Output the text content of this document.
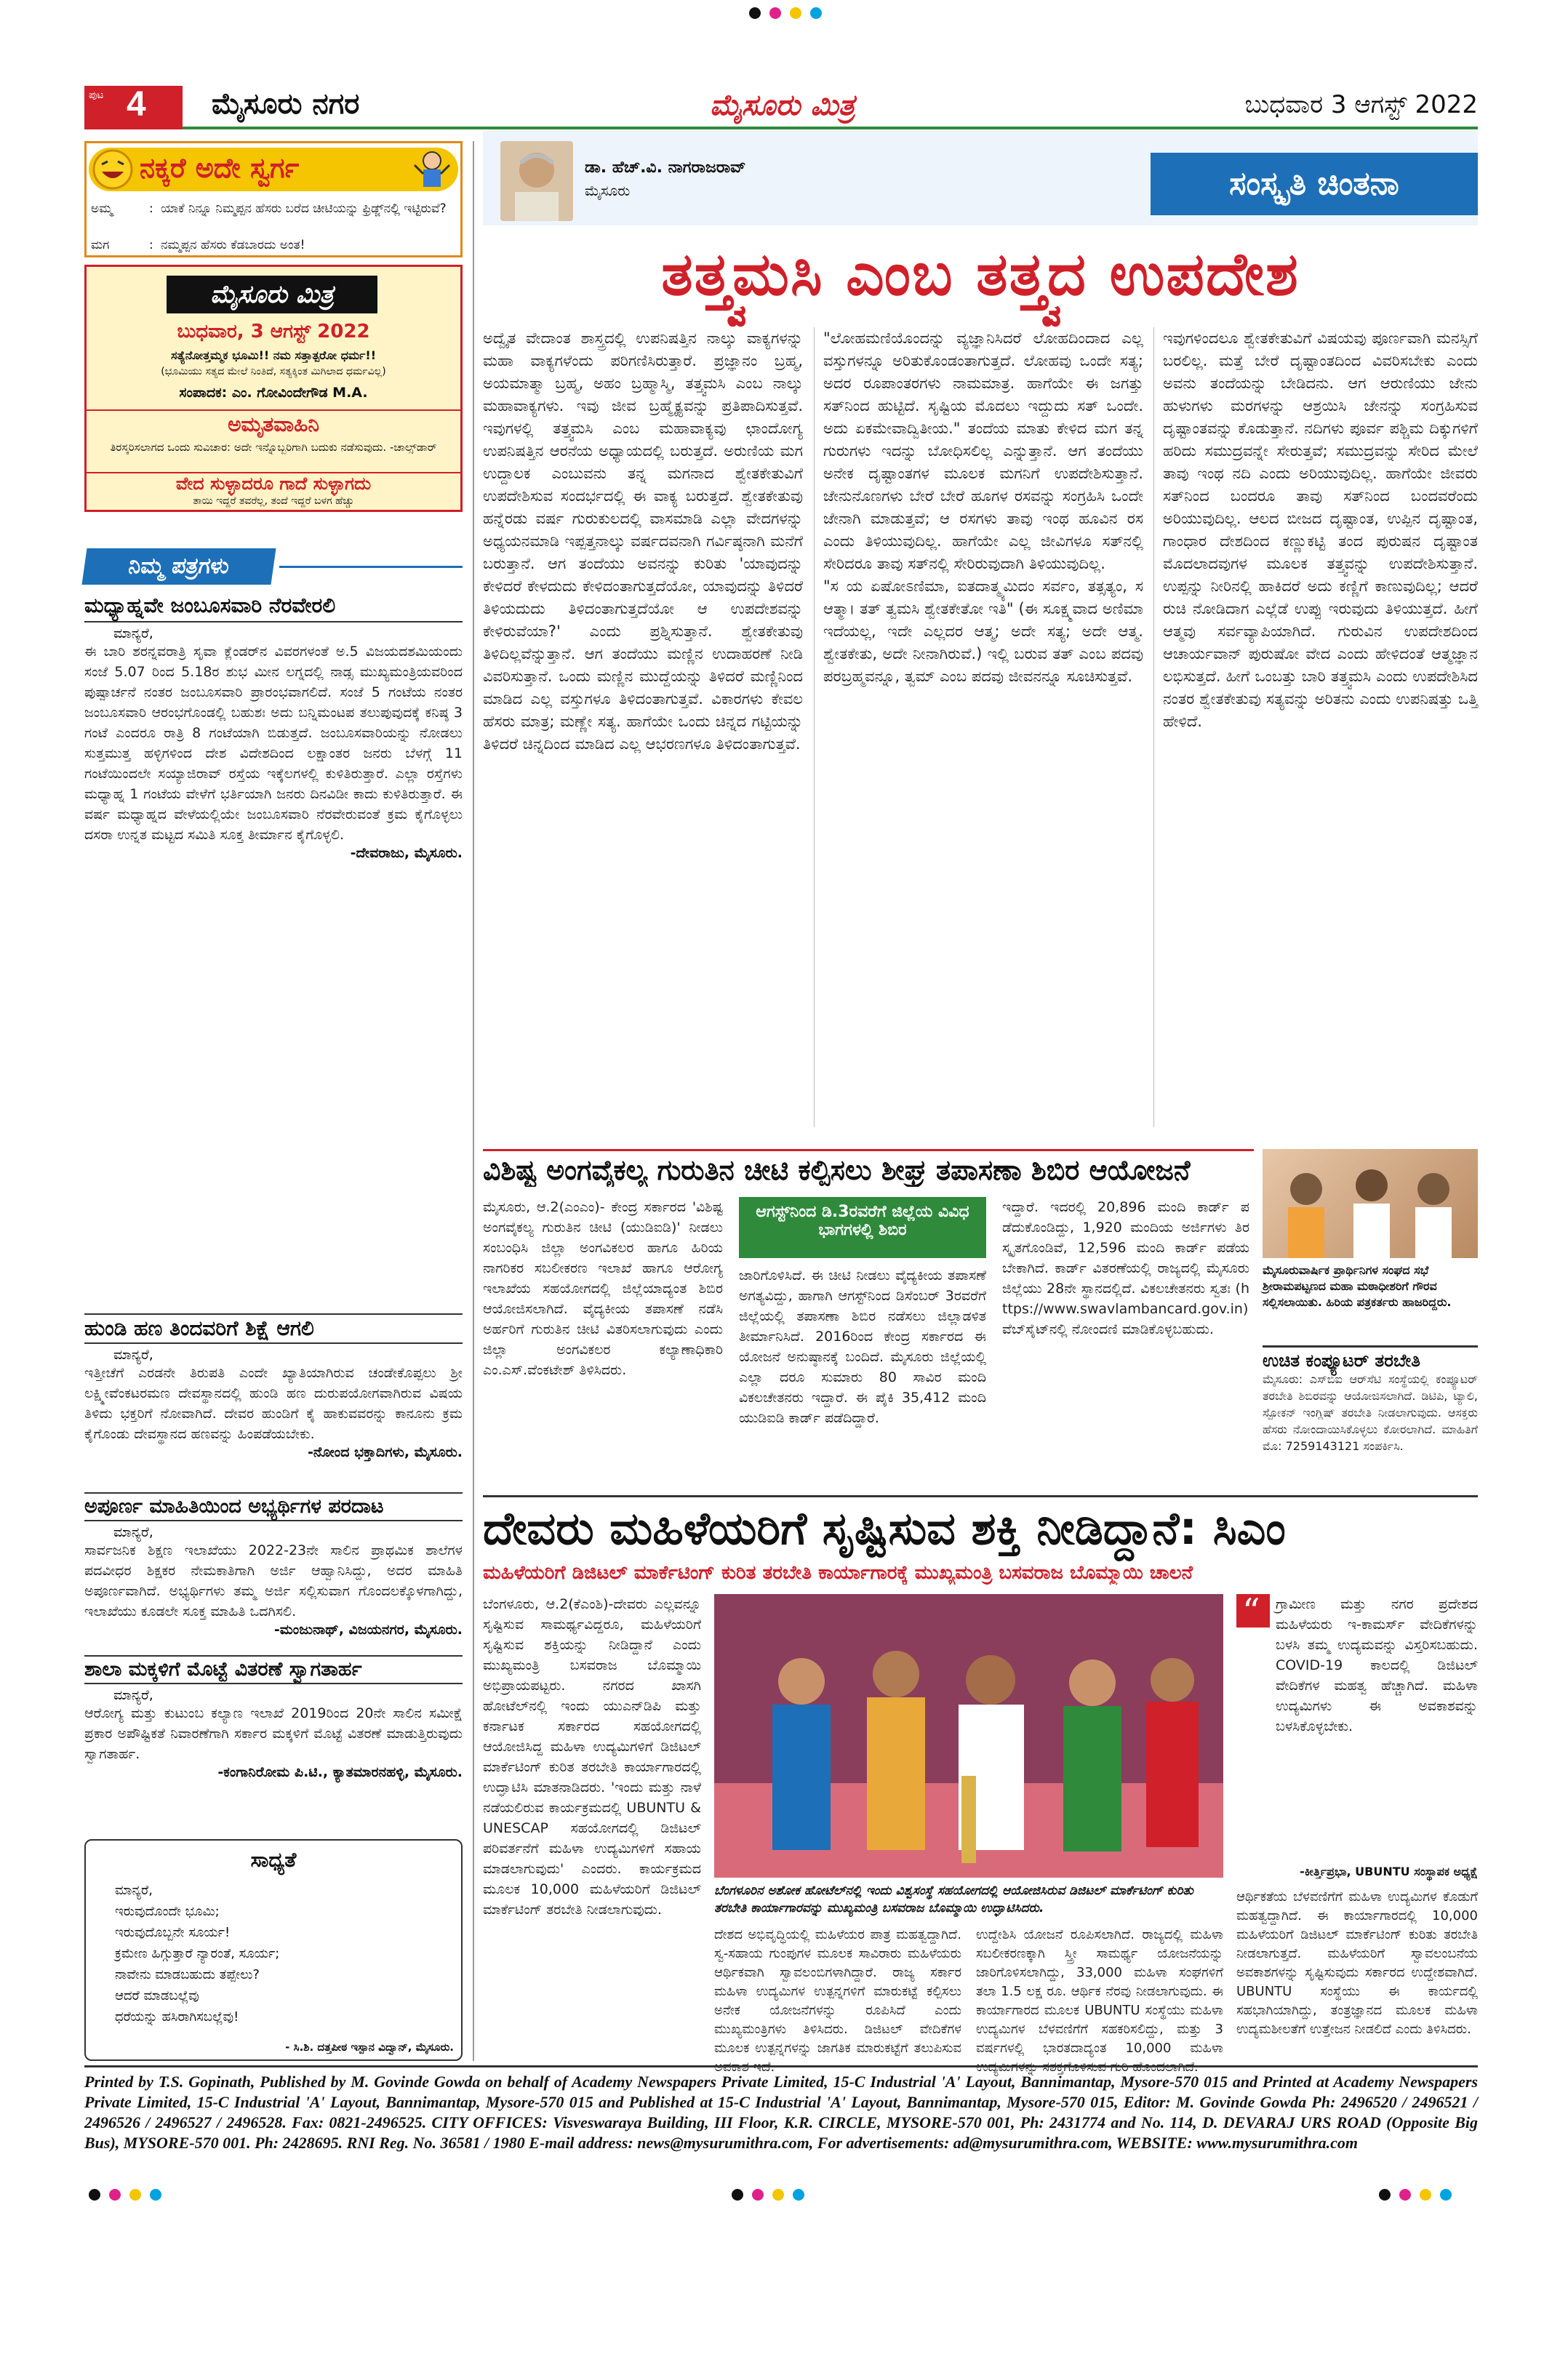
ಪುಟ 4 ಮೈಸೂರು ನಗರ	ಮೈಸೂರು ಮಿತ್ರ	ಬುಧವಾರ 3 ಆಗಸ್ಟ್ 2022
ನಕ್ಕರೆ ಅದೇ ಸ್ವರ್ಗ
ಅಮ್ಮ	: ಯಾಕೆ ನಿನ್ನೂ ನಿಮ್ಮಪ್ಪನ ಹೆಸರು ಬರೆದ ಚೀಟಿಯನ್ನು ಫ್ರಿಡ್ಜ್‌ನಲ್ಲಿ ಇಟ್ಟಿರುವೆ?
ಮಗ	: ನಮ್ಮಪ್ಪನ ಹೆಸರು ಕೆಡಬಾರದು ಅಂತ!
ಮೈಸೂರು ಮಿತ್ರ
ಬುಧವಾರ, 3 ಆಗಸ್ಟ್ 2022
ಸತ್ಯೆನೋತ್ತಮ್ಮಕ ಭೂಮಿ!! ನಮ ಸತ್ತಾತ್ಪರೋ ಧರ್ಮ!!
(ಭೂಮಿಯು ಸತ್ಯದ ಮೇಲೆ ನಿಂತಿದೆ, ಸತ್ಯಕ್ಕಿಂತ ಮಿಗಿಲಾದ ಧರ್ಮವಿಲ್ಲ)
ಸಂಪಾದಕ: ಎಂ. ಗೋವಿಂದೇಗೌಡ M.A.
ಅಮೃತವಾಹಿನಿ
ತಿರಸ್ಕರಿಸಲಾಗದ ಒಂದು ಸುವಿಚಾರ: ಅದೇ ಇನ್ನೊಬ್ಬರಿಗಾಗಿ ಬದುಕು ನಡೆಸುವುದು. -ಚಾಲ್ಸ್‌ಡಾರ್
ವೇದ ಸುಳ್ಳಾದರೂ ಗಾದೆ ಸುಳ್ಳಾಗದು
ತಾಯಿ ಇದ್ದರೆ ತವರೆಲ್ಲ, ತಂದೆ ಇದ್ದರೆ ಬಳಗ ಹೆಚ್ಚು
ನಿಮ್ಮ ಪತ್ರಗಳು
ಮಧ್ಯಾಹ್ನವೇ ಜಂಬೂಸವಾರಿ ನೆರವೇರಲಿ
ಮಾನ್ಯರೆ,

ಈ ಬಾರಿ ಶರನ್ನವರಾತ್ರಿ ಸೃವಾ ಕ್ಲೆಂಡರ್‌ನ ವಿವರಗಳಂತೆ ಅ.5 ವಿಜಯದಶಮಿಯಂದು ಸಂಜೆ 5.07 ರಿಂದ 5.18ರ ಶುಭ ಮೀನ ಲಗ್ನದಲ್ಲಿ ನಾಡ್ಸ ಮುಖ್ಯಮಂತ್ರಿಯವರಿಂದ ಪುಷ್ಪಾರ್ಚನೆ ನಂತರ ಜಂಬೂಸವಾರಿ ಪ್ರಾರಂಭವಾಗಲಿದೆ. ಸಂಜೆ 5 ಗಂಟೆಯ ನಂತರ ಜಂಬೂಸವಾರಿ ಆರಂಭಗೊಂಡಲ್ಲಿ ಬಹುಶಃ ಅದು ಬನ್ನಿಮಂಟಪ ತಲುಪುವುದಕ್ಕೆ ಕನಿಷ್ಠ 3 ಗಂಟೆ ಎಂದರೂ ರಾತ್ರಿ 8 ಗಂಟೆಯಾಗಿ ಬಿಡುತ್ತದೆ. ಜಂಬೂಸವಾರಿಯನ್ನು ನೋಡಲು ಸುತ್ತಮುತ್ತ ಹಳ್ಳಿಗಳಿಂದ ದೇಶ ವಿದೇಶದಿಂದ ಲಕ್ಷಾಂತರ ಜನರು ಬೆಳಗ್ಗೆ 11 ಗಂಟೆಯಿಂದಲೇ ಸಯ್ಯಾಜಿರಾವ್ ರಸ್ತೆಯ ಇಕ್ಕೆಲಗಳಲ್ಲಿ ಕುಳಿತಿರುತ್ತಾರೆ. ಎಲ್ಲಾ ರಸ್ತೆಗಳು ಮಧ್ಯಾಹ್ನ 1 ಗಂಟೆಯ ವೇಳೆಗೆ ಭರ್ತಿಯಾಗಿ ಜನರು ದಿನವಿಡೀ ಕಾದು ಕುಳಿತಿರುತ್ತಾರೆ. ಈ ವರ್ಷ ಮಧ್ಯಾಹ್ನದ ವೇಳೆಯಲ್ಲಿಯೇ ಜಂಬೂಸವಾರಿ ನೆರವೇರುವಂತೆ ಕ್ರಮ ಕೈಗೊಳ್ಳಲು ದಸರಾ ಉನ್ನತ ಮಟ್ಟದ ಸಮಿತಿ ಸೂಕ್ತ ತೀರ್ಮಾನ ಕೈಗೊಳ್ಳಲಿ.

-ದೇವರಾಜು, ಮೈಸೂರು.
ಹುಂಡಿ ಹಣ ತಿಂದವರಿಗೆ ಶಿಕ್ಷೆ ಆಗಲಿ
ಮಾನ್ಯರೆ,

ಇತ್ತೀಚೆಗೆ ಎರಡನೇ ತಿರುಪತಿ ಎಂದೇ ಖ್ಯಾತಿಯಾಗಿರುವ ಚಂಡೇಕೊಪ್ಪಲು ಶ್ರೀ ಲಕ್ಷ್ಮೀವೆಂಕಟರಮಣ ದೇವಸ್ಥಾನದಲ್ಲಿ ಹುಂಡಿ ಹಣ ದುರುಪಯೋಗವಾಗಿರುವ ವಿಷಯ ತಿಳಿದು ಭಕ್ತರಿಗೆ ನೋವಾಗಿದೆ. ದೇವರ ಹುಂಡಿಗೆ ಕೈ ಹಾಕುವವರನ್ನು ಕಾನೂನು ಕ್ರಮ ಕೈಗೊಂಡು ದೇವಸ್ಥಾನದ ಹಣವನ್ನು ಹಿಂಪಡೆಯಬೇಕು.

-ನೋಂದ ಭಕ್ತಾದಿಗಳು, ಮೈಸೂರು.
ಅಪೂರ್ಣ ಮಾಹಿತಿಯಿಂದ ಅಭ್ಯರ್ಥಿಗಳ ಪರದಾಟ
ಮಾನ್ಯರೆ,

ಸಾರ್ವಜನಿಕ ಶಿಕ್ಷಣ ಇಲಾಖೆಯು 2022-23ನೇ ಸಾಲಿನ ಪ್ರಾಥಮಿಕ ಶಾಲೆಗಳ ಪದವೀಧರ ಶಿಕ್ಷಕರ ನೇಮಕಾತಿಗಾಗಿ ಅರ್ಜಿ ಆಹ್ವಾನಿಸಿದ್ದು, ಅದರ ಮಾಹಿತಿ ಅಪೂರ್ಣವಾಗಿದೆ. ಅಭ್ಯರ್ಥಿಗಳು ತಮ್ಮ ಅರ್ಜಿ ಸಲ್ಲಿಸುವಾಗ ಗೊಂದಲಕ್ಕೊಳಗಾಗಿದ್ದು, ಇಲಾಖೆಯು ಕೂಡಲೇ ಸೂಕ್ತ ಮಾಹಿತಿ ಒದಗಿಸಲಿ.

-ಮಂಜುನಾಥ್, ವಿಜಯನಗರ, ಮೈಸೂರು.
ಶಾಲಾ ಮಕ್ಕಳಿಗೆ ಮೊಟ್ಟೆ ವಿತರಣೆ ಸ್ವಾಗತಾರ್ಹ
ಮಾನ್ಯರೆ,

ಆರೋಗ್ಯ ಮತ್ತು ಕುಟುಂಬ ಕಲ್ಯಾಣ ಇಲಾಖೆ 2019ರಿಂದ 20ನೇ ಸಾಲಿನ ಸಮೀಕ್ಷೆ ಪ್ರಕಾರ ಅಪೌಷ್ಟಿಕತೆ ನಿವಾರಣೆಗಾಗಿ ಸರ್ಕಾರ ಮಕ್ಕಳಿಗೆ ಮೊಟ್ಟೆ ವಿತರಣೆ ಮಾಡುತ್ತಿರುವುದು ಸ್ವಾಗತಾರ್ಹ.

-ಕಂಗಾನಿರೋಮ ಪಿ.ಟಿ., ಕ್ಯಾತಮಾರನಹಳ್ಳಿ, ಮೈಸೂರು.
ಸಾಧ್ಯತೆ
ಮಾನ್ಯರೆ,
ಇರುವುದೊಂದೇ ಭೂಮಿ;
ಇರುವುದೊಬ್ಬನೇ ಸೂರ್ಯ!
ಕ್ರಮೇಣ ಹಿಗ್ಗುತ್ತಾರೆ ನ್ಯಾರಂತೆ, ಸೂರ್ಯ;
ನಾವೇನು ಮಾಡಬಹುದು ತಪ್ಪೇಲು?
ಆದರೆ ಮಾಡಬಲ್ಲೆವು
ಧರೆಯನ್ನು ಹಸಿರಾಗಿಸಬಲ್ಲೆವು!
- ಸಿ.ಶಿ. ದತ್ತಪೀಠ ಇಸ್ಪಾನ ವಿದ್ವಾನ್, ಮೈಸೂರು.
ಡಾ. ಹೆಚ್.ವಿ. ನಾಗರಾಜರಾವ್
ಮೈಸೂರು	ಸಂಸ್ಕೃತಿ ಚಿಂತನಾ
ತತ್ತ್ವಮಸಿ ಎಂಬ ತತ್ತ್ವದ ಉಪದೇಶ

ಅದ್ವೈತ ವೇದಾಂತ ಶಾಸ್ತ್ರದಲ್ಲಿ ಉಪನಿಷತ್ತಿನ ನಾಲ್ಕು ವಾಕ್ಯಗಳನ್ನು ಮಹಾ ವಾಕ್ಯಗಳೆಂದು ಪರಿಗಣಿಸಿರುತ್ತಾರೆ. ಪ್ರಜ್ಞಾನಂ ಬ್ರಹ್ಮ, ಅಯಮಾತ್ಮಾ ಬ್ರಹ್ಮ, ಅಹಂ ಬ್ರಹ್ಮಾಸ್ಮಿ, ತತ್ತ್ವಮಸಿ ಎಂಬ ನಾಲ್ಕು ಮಹಾವಾಕ್ಯಗಳು. ಇವು ಜೀವ ಬ್ರಹ್ಮೈಕ್ಯವನ್ನು ಪ್ರತಿಪಾದಿಸುತ್ತವೆ. ಇವುಗಳಲ್ಲಿ ತತ್ತ್ವಮಸಿ ಎಂಬ ಮಹಾವಾಕ್ಯವು ಛಾಂದೋಗ್ಯ ಉಪನಿಷತ್ತಿನ ಆರನೆಯ ಅಧ್ಯಾಯದಲ್ಲಿ ಬರುತ್ತದೆ. ಅರುಣಿಯ ಮಗ ಉದ್ದಾಲಕ ಎಂಬುವನು ತನ್ನ ಮಗನಾದ ಶ್ವೇತಕೇತುವಿಗೆ ಉಪದೇಶಿಸುವ ಸಂದರ್ಭದಲ್ಲಿ ಈ ವಾಕ್ಯ ಬರುತ್ತದೆ. ಶ್ವೇತಕೇತುವು ಹನ್ನೆರಡು ವರ್ಷ ಗುರುಕುಲದಲ್ಲಿ ವಾಸಮಾಡಿ ಎಲ್ಲಾ ವೇದಗಳನ್ನು ಅಧ್ಯಯನಮಾಡಿ ಇಪ್ಪತ್ತನಾಲ್ಕು ವರ್ಷದವನಾಗಿ ಗರ್ವಿಷ್ಠನಾಗಿ ಮನೆಗೆ ಬರುತ್ತಾನೆ. ಆಗ ತಂದೆಯು ಅವನನ್ನು ಕುರಿತು 'ಯಾವುದನ್ನು ಕೇಳಿದರೆ ಕೇಳದುದು ಕೇಳಿದಂತಾಗುತ್ತದೆಯೋ, ಯಾವುದನ್ನು ತಿಳಿದರೆ ತಿಳಿಯದುದು ತಿಳಿದಂತಾಗುತ್ತದೆಯೋ ಆ ಉಪದೇಶವನ್ನು ಕೇಳಿರುವೆಯಾ?' ಎಂದು ಪ್ರಶ್ನಿಸುತ್ತಾನೆ. ಶ್ವೇತಕೇತುವು ತಿಳಿದಿಲ್ಲವೆನ್ನುತ್ತಾನೆ. ಆಗ ತಂದೆಯು ಮಣ್ಣಿನ ಉದಾಹರಣೆ ನೀಡಿ ವಿವರಿಸುತ್ತಾನೆ. ಒಂದು ಮಣ್ಣಿನ ಮುದ್ದೆಯನ್ನು ತಿಳಿದರೆ ಮಣ್ಣಿನಿಂದ ಮಾಡಿದ ಎಲ್ಲ ವಸ್ತುಗಳೂ ತಿಳಿದಂತಾಗುತ್ತವೆ. ವಿಕಾರಗಳು ಕೇವಲ ಹೆಸರು ಮಾತ್ರ; ಮಣ್ಣೇ ಸತ್ಯ. ಹಾಗೆಯೇ ಒಂದು ಚಿನ್ನದ ಗಟ್ಟಿಯನ್ನು ತಿಳಿದರೆ ಚಿನ್ನದಿಂದ ಮಾಡಿದ ಎಲ್ಲ ಆಭರಣಗಳೂ ತಿಳಿದಂತಾಗುತ್ತವೆ.

"ಲೋಹಮಣಿಯೊಂದನ್ನು ವ್ಯಜ್ಞಾನಿಸಿದರೆ ಲೋಹದಿಂದಾದ ಎಲ್ಲ ವಸ್ತುಗಳನ್ನೂ ಅರಿತುಕೊಂಡಂತಾಗುತ್ತದೆ. ಲೋಹವು ಒಂದೇ ಸತ್ಯ; ಅದರ ರೂಪಾಂತರಗಳು ನಾಮಮಾತ್ರ. ಹಾಗೆಯೇ ಈ ಜಗತ್ತು ಸತ್‌ನಿಂದ ಹುಟ್ಟಿದೆ. ಸೃಷ್ಟಿಯ ಮೊದಲು ಇದ್ದುದು ಸತ್ ಒಂದೇ. ಅದು ಏಕಮೇವಾದ್ವಿತೀಯ." ತಂದೆಯ ಮಾತು ಕೇಳಿದ ಮಗ ತನ್ನ ಗುರುಗಳು ಇದನ್ನು ಬೋಧಿಸಲಿಲ್ಲ ಎನ್ನುತ್ತಾನೆ. ಆಗ ತಂದೆಯು ಅನೇಕ ದೃಷ್ಟಾಂತಗಳ ಮೂಲಕ ಮಗನಿಗೆ ಉಪದೇಶಿಸುತ್ತಾನೆ. ಜೇನುನೊಣಗಳು ಬೇರೆ ಬೇರೆ ಹೂಗಳ ರಸವನ್ನು ಸಂಗ್ರಹಿಸಿ ಒಂದೇ ಜೇನಾಗಿ ಮಾಡುತ್ತವೆ; ಆ ರಸಗಳು ತಾವು ಇಂಥ ಹೂವಿನ ರಸ ಎಂದು ತಿಳಿಯುವುದಿಲ್ಲ. ಹಾಗೆಯೇ ಎಲ್ಲ ಜೀವಿಗಳೂ ಸತ್‌ನಲ್ಲಿ ಸೇರಿದರೂ ತಾವು ಸತ್‌ನಲ್ಲಿ ಸೇರಿರುವುದಾಗಿ ತಿಳಿಯುವುದಿಲ್ಲ.
"ಸ ಯ ಏಷೋಽಣಿಮಾ, ಐತದಾತ್ಮ್ಯಮಿದಂ ಸರ್ವಂ, ತತ್ಸತ್ಯಂ, ಸ ಆತ್ಮಾ। ತತ್ ತ್ವಮಸಿ ಶ್ವೇತಕೇತೋ ಇತಿ" (ಈ ಸೂಕ್ಷ್ಮವಾದ ಅಣಿಮಾ ಇದೆಯಲ್ಲ, ಇದೇ ಎಲ್ಲದರ ಆತ್ಮ; ಅದೇ ಸತ್ಯ; ಅದೇ ಆತ್ಮ. ಶ್ವೇತಕೇತು, ಅದೇ ನೀನಾಗಿರುವೆ.) ಇಲ್ಲಿ ಬರುವ ತತ್ ಎಂಬ ಪದವು ಪರಬ್ರಹ್ಮವನ್ನೂ, ತ್ವಮ್ ಎಂಬ ಪದವು ಜೀವನನ್ನೂ ಸೂಚಿಸುತ್ತವೆ.

ಇವುಗಳಿಂದಲೂ ಶ್ವೇತಕೇತುವಿಗೆ ವಿಷಯವು ಪೂರ್ಣವಾಗಿ ಮನಸ್ಸಿಗೆ ಬರಲಿಲ್ಲ. ಮತ್ತೆ ಬೇರೆ ದೃಷ್ಟಾಂತದಿಂದ ವಿವರಿಸಬೇಕು ಎಂದು ಅವನು ತಂದೆಯನ್ನು ಬೇಡಿದನು. ಆಗ ಆರುಣಿಯು ಜೇನು ಹುಳುಗಳು ಮರಗಳನ್ನು ಆಶ್ರಯಿಸಿ ಜೇನನ್ನು ಸಂಗ್ರಹಿಸುವ ದೃಷ್ಟಾಂತವನ್ನು ಕೊಡುತ್ತಾನೆ. ನದಿಗಳು ಪೂರ್ವ ಪಶ್ಚಿಮ ದಿಕ್ಕುಗಳಿಗೆ ಹರಿದು ಸಮುದ್ರವನ್ನೇ ಸೇರುತ್ತವೆ; ಸಮುದ್ರವನ್ನು ಸೇರಿದ ಮೇಲೆ ತಾವು ಇಂಥ ನದಿ ಎಂದು ಅರಿಯುವುದಿಲ್ಲ. ಹಾಗೆಯೇ ಜೀವರು ಸತ್‌ನಿಂದ ಬಂದರೂ ತಾವು ಸತ್‌ನಿಂದ ಬಂದವರೆಂದು ಅರಿಯುವುದಿಲ್ಲ. ಆಲದ ಬೀಜದ ದೃಷ್ಟಾಂತ, ಉಪ್ಪಿನ ದೃಷ್ಟಾಂತ, ಗಾಂಧಾರ ದೇಶದಿಂದ ಕಣ್ಣುಕಟ್ಟಿ ತಂದ ಪುರುಷನ ದೃಷ್ಟಾಂತ ಮೊದಲಾದವುಗಳ ಮೂಲಕ ತತ್ತ್ವವನ್ನು ಉಪದೇಶಿಸುತ್ತಾನೆ. ಉಪ್ಪನ್ನು ನೀರಿನಲ್ಲಿ ಹಾಕಿದರೆ ಅದು ಕಣ್ಣಿಗೆ ಕಾಣುವುದಿಲ್ಲ; ಆದರೆ ರುಚಿ ನೋಡಿದಾಗ ಎಲ್ಲೆಡೆ ಉಪ್ಪು ಇರುವುದು ತಿಳಿಯುತ್ತದೆ. ಹೀಗೆ ಆತ್ಮವು ಸರ್ವವ್ಯಾಪಿಯಾಗಿದೆ. ಗುರುವಿನ ಉಪದೇಶದಿಂದ ಆಚಾರ್ಯವಾನ್ ಪುರುಷೋ ವೇದ ಎಂದು ಹೇಳಿದಂತೆ ಆತ್ಮಜ್ಞಾನ ಲಭಿಸುತ್ತದೆ. ಹೀಗೆ ಒಂಬತ್ತು ಬಾರಿ ತತ್ತ್ವಮಸಿ ಎಂದು ಉಪದೇಶಿಸಿದ ನಂತರ ಶ್ವೇತಕೇತುವು ಸತ್ಯವನ್ನು ಅರಿತನು ಎಂದು ಉಪನಿಷತ್ತು ಒತ್ತಿ ಹೇಳಿದೆ.

ವಿಶಿಷ್ಟ ಅಂಗವೈಕಲ್ಯ ಗುರುತಿನ ಚೀಟಿ ಕಲ್ಪಿಸಲು ಶೀಘ್ರ ತಪಾಸಣಾ ಶಿಬಿರ ಆಯೋಜನೆ

ಮೈಸೂರು, ಆ.2(ಎಂಎಂ)- ಕೇಂದ್ರ ಸರ್ಕಾರದ 'ವಿಶಿಷ್ಟ ಅಂಗವೈಕಲ್ಯ ಗುರುತಿನ ಚೀಟಿ (ಯುಡಿಐಡಿ)' ನೀಡಲು ಸಂಬಂಧಿಸಿ ಜಿಲ್ಲಾ ಅಂಗವಿಕಲರ ಹಾಗೂ ಹಿರಿಯ ನಾಗರಿಕರ ಸಬಲೀಕರಣ ಇಲಾಖೆ ಹಾಗೂ ಆರೋಗ್ಯ ಇಲಾಖೆಯ ಸಹಯೋಗದಲ್ಲಿ ಜಿಲ್ಲೆಯಾದ್ಯಂತ ಶಿಬಿರ ಆಯೋಜಿಸಲಾಗಿದೆ. ವೈದ್ಯಕೀಯ ತಪಾಸಣೆ ನಡೆಸಿ ಅರ್ಹರಿಗೆ ಗುರುತಿನ ಚೀಟಿ ವಿತರಿಸಲಾಗುವುದು ಎಂದು ಜಿಲ್ಲಾ ಅಂಗವಿಕಲರ ಕಲ್ಯಾಣಾಧಿಕಾರಿ ಎಂ.ಎಸ್.ವೆಂಕಟೇಶ್ ತಿಳಿಸಿದರು.

ಆಗಸ್ಟ್‌ನಿಂದ ಡಿ.3ರವರೆಗೆ ಜಿಲ್ಲೆಯ ವಿವಿಧ ಭಾಗಗಳಲ್ಲಿ ಶಿಬಿರ

ಜಾರಿಗೊಳಿಸಿದೆ. ಈ ಚೀಟಿ ನೀಡಲು ವೈದ್ಯಕೀಯ ತಪಾಸಣೆ ಅಗತ್ಯವಿದ್ದು, ಹಾಗಾಗಿ ಆಗಸ್ಟ್‌ನಿಂದ ಡಿಸೆಂಬರ್ 3ರವರೆಗೆ ಜಿಲ್ಲೆಯಲ್ಲಿ ತಪಾಸಣಾ ಶಿಬಿರ ನಡೆಸಲು ಜಿಲ್ಲಾಡಳಿತ ತೀರ್ಮಾನಿಸಿದೆ. 2016ರಿಂದ ಕೇಂದ್ರ ಸರ್ಕಾರದ ಈ ಯೋಜನೆ ಅನುಷ್ಠಾನಕ್ಕೆ ಬಂದಿದೆ. ಮೈಸೂರು ಜಿಲ್ಲೆಯಲ್ಲಿ ಎಲ್ಲಾ ದರೂ ಸುಮಾರು 80 ಸಾವಿರ ಮಂದಿ ವಿಕಲಚೇತನರು ಇದ್ದಾರೆ. ಈ ಪೈಕಿ 35,412 ಮಂದಿ ಯುಡಿಐಡಿ ಕಾರ್ಡ್ ಪಡೆದಿದ್ದಾರೆ.

ಇದ್ದಾರೆ. ಇದರಲ್ಲಿ 20,896 ಮಂದಿ ಕಾರ್ಡ್ ಪಡೆದುಕೊಂಡಿದ್ದು, 1,920 ಮಂದಿಯ ಅರ್ಜಿಗಳು ತಿರಸ್ಕೃತಗೊಂಡಿವೆ, 12,596 ಮಂದಿ ಕಾರ್ಡ್ ಪಡೆಯಬೇಕಾಗಿದೆ. ಕಾರ್ಡ್ ವಿತರಣೆಯಲ್ಲಿ ರಾಜ್ಯದಲ್ಲಿ ಮೈಸೂರು ಜಿಲ್ಲೆಯು 28ನೇ ಸ್ಥಾನದಲ್ಲಿದೆ. ವಿಕಲಚೇತನರು ಸ್ವತಃ (https://www.swavlambancard.gov.in) ವೆಬ್‌ಸೈಟ್‌ನಲ್ಲಿ ನೋಂದಣಿ ಮಾಡಿಕೊಳ್ಳಬಹುದು.

ಮೈಸೂರುವಾರ್ಷಿಕ ಪ್ರಾರ್ಥಿನಿಗಳ ಸಂಘದ ಸಭೆ ಶ್ರೀರಾಮಪಟ್ಟಣದ ಮಹಾ ಮಠಾಧೀಶರಿಗೆ ಗೌರವ ಸಲ್ಲಿಸಲಾಯಿತು. ಹಿರಿಯ ಪತ್ರಕರ್ತರು ಹಾಜರಿದ್ದರು.
ಉಚಿತ ಕಂಪ್ಯೂಟರ್ ತರಬೇತಿ

ಮೈಸೂರು: ಎಸ್‌ಬಿಐ ಆರ್‌ಸೆಟಿ ಸಂಸ್ಥೆಯಲ್ಲಿ ಕಂಪ್ಯೂಟರ್ ತರಬೇತಿ ಶಿಬಿರವನ್ನು ಆಯೋಜಿಸಲಾಗಿದೆ. ಡಿಟಿಪಿ, ಟ್ಯಾಲಿ, ಸ್ಪೋಕನ್ ಇಂಗ್ಲಿಷ್ ತರಬೇತಿ ನೀಡಲಾಗುವುದು. ಆಸಕ್ತರು ಹೆಸರು ನೋಂದಾಯಿಸಿಕೊಳ್ಳಲು ಕೋರಲಾಗಿದೆ. ಮಾಹಿತಿಗೆ ಮೊ: 7259143121 ಸಂಪರ್ಕಿಸಿ.

ದೇವರು ಮಹಿಳೆಯರಿಗೆ ಸೃಷ್ಟಿಸುವ ಶಕ್ತಿ ನೀಡಿದ್ದಾನೆ: ಸಿಎಂ
ಮಹಿಳೆಯರಿಗೆ ಡಿಜಿಟಲ್ ಮಾರ್ಕೆಟಿಂಗ್ ಕುರಿತ ತರಬೇತಿ ಕಾರ್ಯಾಗಾರಕ್ಕೆ ಮುಖ್ಯಮಂತ್ರಿ ಬಸವರಾಜ ಬೊಮ್ಮಾಯಿ ಚಾಲನೆ

ಬೆಂಗಳೂರು, ಆ.2(ಕೆಎಂಶಿ)-ದೇವರು ಎಲ್ಲವನ್ನೂ ಸೃಷ್ಟಿಸುವ ಸಾಮರ್ಥ್ಯವಿದ್ದರೂ, ಮಹಿಳೆಯರಿಗೆ ಸೃಷ್ಟಿಸುವ ಶಕ್ತಿಯನ್ನು ನೀಡಿದ್ದಾನೆ ಎಂದು ಮುಖ್ಯಮಂತ್ರಿ ಬಸವರಾಜ ಬೊಮ್ಮಾಯಿ ಅಭಿಪ್ರಾಯಪಟ್ಟರು. ನಗರದ ಖಾಸಗಿ ಹೋಟೆಲ್‌ನಲ್ಲಿ ಇಂದು ಯುಎನ್‌ಡಿಪಿ ಮತ್ತು ಕರ್ನಾಟಕ ಸರ್ಕಾರದ ಸಹಯೋಗದಲ್ಲಿ ಆಯೋಜಿಸಿದ್ದ ಮಹಿಳಾ ಉದ್ಯಮಿಗಳಿಗೆ ಡಿಜಿಟಲ್ ಮಾರ್ಕೆಟಿಂಗ್ ಕುರಿತ ತರಬೇತಿ ಕಾರ್ಯಾಗಾರದಲ್ಲಿ ಉದ್ಘಾಟಿಸಿ ಮಾತನಾಡಿದರು. 'ಇಂದು ಮತ್ತು ನಾಳೆ ನಡೆಯಲಿರುವ ಕಾರ್ಯಕ್ರಮದಲ್ಲಿ UBUNTU & UNESCAP ಸಹಯೋಗದಲ್ಲಿ ಡಿಜಿಟಲ್ ಪರಿವರ್ತನೆಗೆ ಮಹಿಳಾ ಉದ್ಯಮಿಗಳಿಗೆ ಸಹಾಯ ಮಾಡಲಾಗುವುದು' ಎಂದರು. ಕಾರ್ಯಕ್ರಮದ ಮೂಲಕ 10,000 ಮಹಿಳೆಯರಿಗೆ ಡಿಜಿಟಲ್ ಮಾರ್ಕೆಟಿಂಗ್ ತರಬೇತಿ ನೀಡಲಾಗುವುದು.

ಬೆಂಗಳೂರಿನ ಅಶೋಕ ಹೋಟೆಲ್‌ನಲ್ಲಿ ಇಂದು ವಿಶ್ವಸಂಸ್ಥೆ ಸಹಯೋಗದಲ್ಲಿ ಆಯೋಜಿಸಿರುವ ಡಿಜಿಟಲ್ ಮಾರ್ಕೆಟಿಂಗ್ ಕುರಿತು ತರಬೇತಿ ಕಾರ್ಯಾಗಾರವನ್ನು ಮುಖ್ಯಮಂತ್ರಿ ಬಸವರಾಜ ಬೊಮ್ಮಾಯಿ ಉದ್ಘಾಟಿಸಿದರು.
“ ಗ್ರಾಮೀಣ ಮತ್ತು ನಗರ ಪ್ರದೇಶದ ಮಹಿಳೆಯರು ಇ-ಕಾಮರ್ಸ್ ವೇದಿಕೆಗಳನ್ನು ಬಳಸಿ ತಮ್ಮ ಉದ್ಯಮವನ್ನು ವಿಸ್ತರಿಸಬಹುದು. COVID-19 ಕಾಲದಲ್ಲಿ ಡಿಜಿಟಲ್ ವೇದಿಕೆಗಳ ಮಹತ್ವ ಹೆಚ್ಚಾಗಿದೆ. ಮಹಿಳಾ ಉದ್ಯಮಿಗಳು ಈ ಅವಕಾಶವನ್ನು ಬಳಸಿಕೊಳ್ಳಬೇಕು.

-ಕೀರ್ತ್ತಿಪ್ರಭಾ, UBUNTU ಸಂಸ್ಥಾಪಕ ಅಧ್ಯಕ್ಷೆ

ದೇಶದ ಅಭಿವೃದ್ಧಿಯಲ್ಲಿ ಮಹಿಳೆಯರ ಪಾತ್ರ ಮಹತ್ವದ್ದಾಗಿದೆ. ಸ್ವ-ಸಹಾಯ ಗುಂಪುಗಳ ಮೂಲಕ ಸಾವಿರಾರು ಮಹಿಳೆಯರು ಆರ್ಥಿಕವಾಗಿ ಸ್ವಾವಲಂಬಿಗಳಾಗಿದ್ದಾರೆ. ರಾಜ್ಯ ಸರ್ಕಾರ ಮಹಿಳಾ ಉದ್ಯಮಿಗಳ ಉತ್ಪನ್ನಗಳಿಗೆ ಮಾರುಕಟ್ಟೆ ಕಲ್ಪಿಸಲು ಅನೇಕ ಯೋಜನೆಗಳನ್ನು ರೂಪಿಸಿದೆ ಎಂದು ಮುಖ್ಯಮಂತ್ರಿಗಳು ತಿಳಿಸಿದರು. ಡಿಜಿಟಲ್ ವೇದಿಕೆಗಳ ಮೂಲಕ ಉತ್ಪನ್ನಗಳನ್ನು ಜಾಗತಿಕ ಮಾರುಕಟ್ಟೆಗೆ ತಲುಪಿಸುವ ಅವಕಾಶ ಇದೆ.

ಉದ್ದೇಶಿಸಿ ಯೋಜನೆ ರೂಪಿಸಲಾಗಿದೆ. ರಾಜ್ಯದಲ್ಲಿ ಮಹಿಳಾ ಸಬಲೀಕರಣಕ್ಕಾಗಿ ಸ್ತ್ರೀ ಸಾಮರ್ಥ್ಯ ಯೋಜನೆಯನ್ನು ಜಾರಿಗೊಳಿಸಲಾಗಿದ್ದು, 33,000 ಮಹಿಳಾ ಸಂಘಗಳಿಗೆ ತಲಾ 1.5 ಲಕ್ಷ ರೂ. ಆರ್ಥಿಕ ನೆರವು ನೀಡಲಾಗುವುದು. ಈ ಕಾರ್ಯಾಗಾರದ ಮೂಲಕ UBUNTU ಸಂಸ್ಥೆಯು ಮಹಿಳಾ ಉದ್ಯಮಿಗಳ ಬೆಳವಣಿಗೆಗೆ ಸಹಕರಿಸಲಿದ್ದು, ಮತ್ತು 3 ವರ್ಷಗಳಲ್ಲಿ ಭಾರತದಾದ್ಯಂತ 10,000 ಮಹಿಳಾ ಉದ್ಯಮಿಗಳನ್ನು ಸಶಕ್ತಗೊಳಿಸುವ ಗುರಿ ಹೊಂದಲಾಗಿದೆ.

ಆರ್ಥಿಕತೆಯ ಬೆಳವಣಿಗೆಗೆ ಮಹಿಳಾ ಉದ್ಯಮಿಗಳ ಕೊಡುಗೆ ಮಹತ್ವದ್ದಾಗಿದೆ. ಈ ಕಾರ್ಯಾಗಾರದಲ್ಲಿ 10,000 ಮಹಿಳೆಯರಿಗೆ ಡಿಜಿಟಲ್ ಮಾರ್ಕೆಟಿಂಗ್ ಕುರಿತು ತರಬೇತಿ ನೀಡಲಾಗುತ್ತದೆ. ಮಹಿಳೆಯರಿಗೆ ಸ್ವಾವಲಂಬನೆಯ ಅವಕಾಶಗಳನ್ನು ಸೃಷ್ಟಿಸುವುದು ಸರ್ಕಾರದ ಉದ್ದೇಶವಾಗಿದೆ. UBUNTU ಸಂಸ್ಥೆಯು ಈ ಕಾರ್ಯದಲ್ಲಿ ಸಹಭಾಗಿಯಾಗಿದ್ದು, ತಂತ್ರಜ್ಞಾನದ ಮೂಲಕ ಮಹಿಳಾ ಉದ್ಯಮಶೀಲತೆಗೆ ಉತ್ತೇಜನ ನೀಡಲಿದೆ ಎಂದು ತಿಳಿಸಿದರು.

Printed by T.S. Gopinath, Published by M. Govinde Gowda on behalf of Academy Newspapers Private Limited, 15-C Industrial 'A' Layout, Bannimantap, Mysore-570 015 and Printed at Academy Newspapers Private Limited, 15-C Industrial 'A' Layout, Bannimantap, Mysore-570 015 and Published at 15-C Industrial 'A' Layout, Bannimantap, Mysore-570 015, Editor: M. Govinde Gowda Ph: 2496520 / 2496521 / 2496526 / 2496527 / 2496528. Fax: 0821-2496525. CITY OFFICES: Visveswaraya Building, III Floor, K.R. CIRCLE, MYSORE-570 001, Ph: 2431774 and No. 114, D. DEVARAJ URS ROAD (Opposite Big Bus), MYSORE-570 001. Ph: 2428695. RNI Reg. No. 36581 / 1980 E-mail address: news@mysurumithra.com, For advertisements: ad@mysurumithra.com, WEBSITE: www.mysurumithra.com
